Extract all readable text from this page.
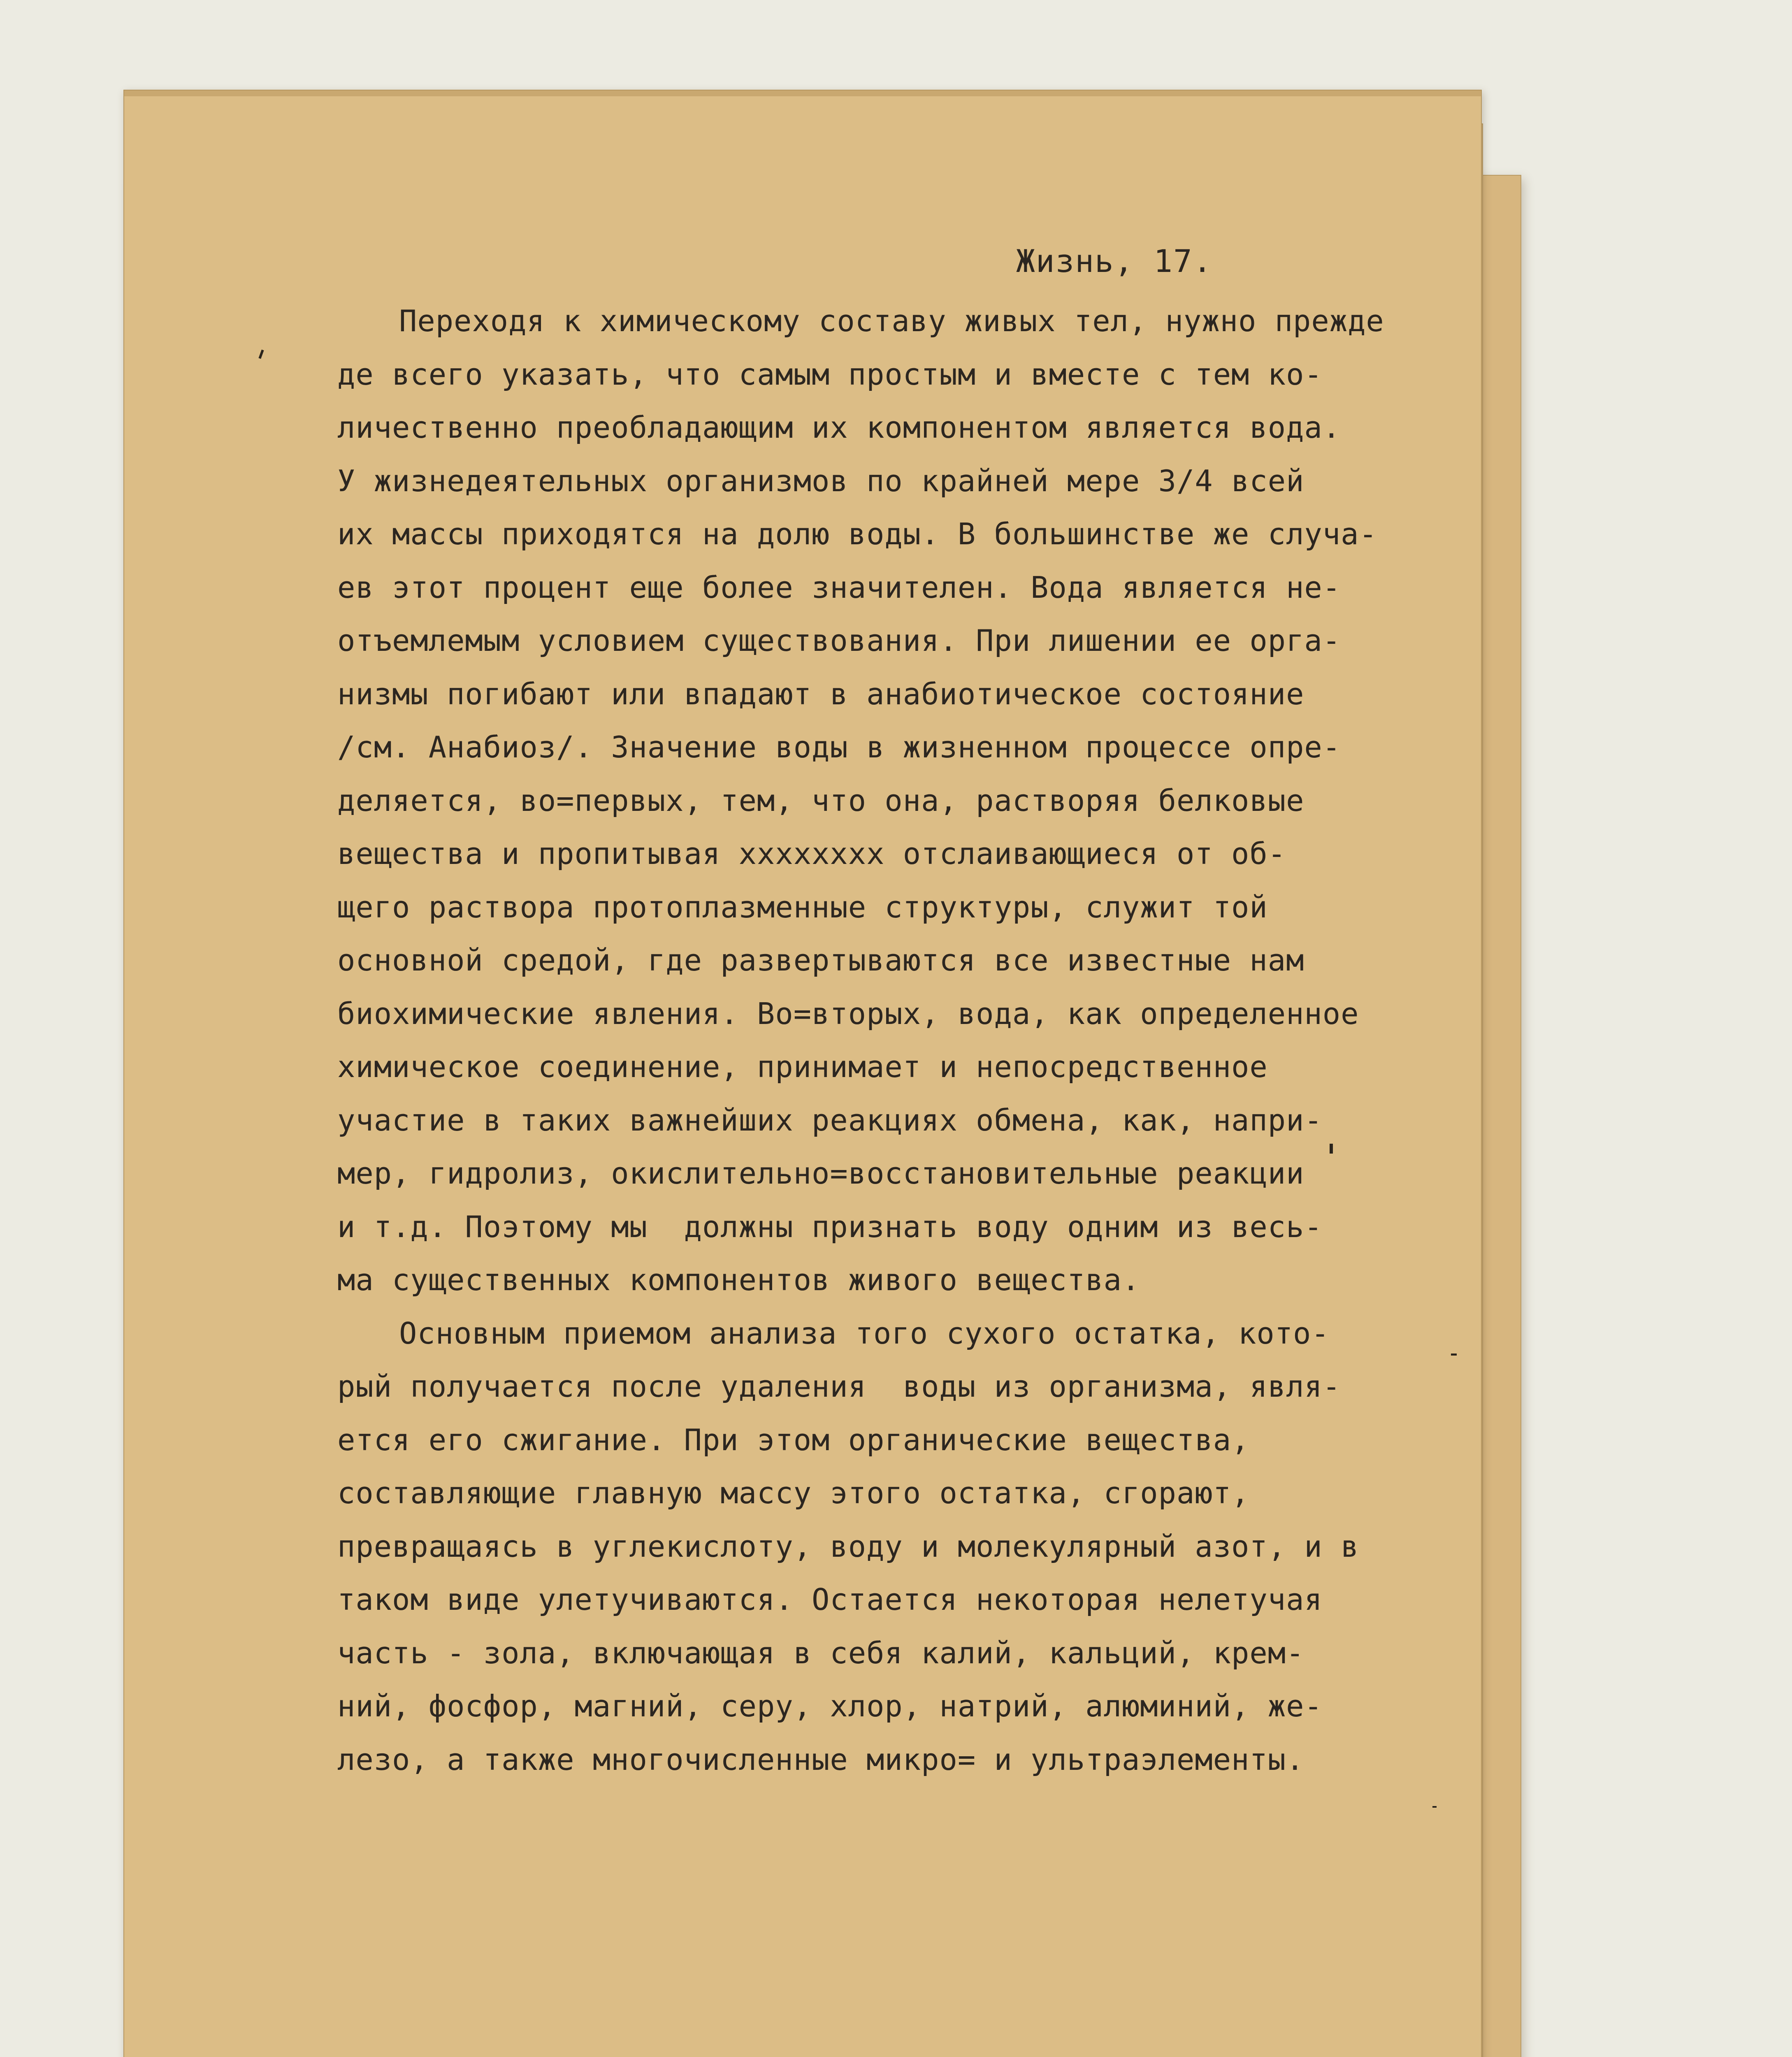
Жизнь, 17.
Переходя к химическому составу живых тел, нужно прежде
де всего указать, что самым простым и вместе с тем ко-
личественно преобладающим их компонентом является вода.
У жизнедеятельных организмов по крайней мере 3/4 всей
их массы приходятся на долю воды. В большинстве же случа-
ев этот процент еще более значителен. Вода является не-
отъемлемым условием существования. При лишении ее орга-
низмы погибают или впадают в анабиотическое состояние
/см. Анабиоз/. Значение воды в жизненном процессе опре-
деляется, во=первых, тем, что она, растворяя белковые
вещества и пропитывая xxxxxxxx отслаивающиеся от об-
щего раствора протоплазменные структуры, служит той
основной средой, где развертываются все известные нам
биохимические явления. Во=вторых, вода, как определенное
химическое соединение, принимает и непосредственное
участие в таких важнейших реакциях обмена, как, напри-
мер, гидролиз, окислительно=восстановительные реакции
и т.д. Поэтому мы  должны признать воду одним из весь-
ма существенных компонентов живого вещества.
Основным приемом анализа того сухого остатка, кото-
рый получается после удаления  воды из организма, явля-
ется его сжигание. При этом органические вещества,
составляющие главную массу этого остатка, сгорают,
превращаясь в углекислоту, воду и молекулярный азот, и в
таком виде улетучиваются. Остается некоторая нелетучая
часть - зола, включающая в себя калий, кальций, крем-
ний, фосфор, магний, серу, хлор, натрий, алюминий, же-
лезо, а также многочисленные микро= и ультраэлементы.
